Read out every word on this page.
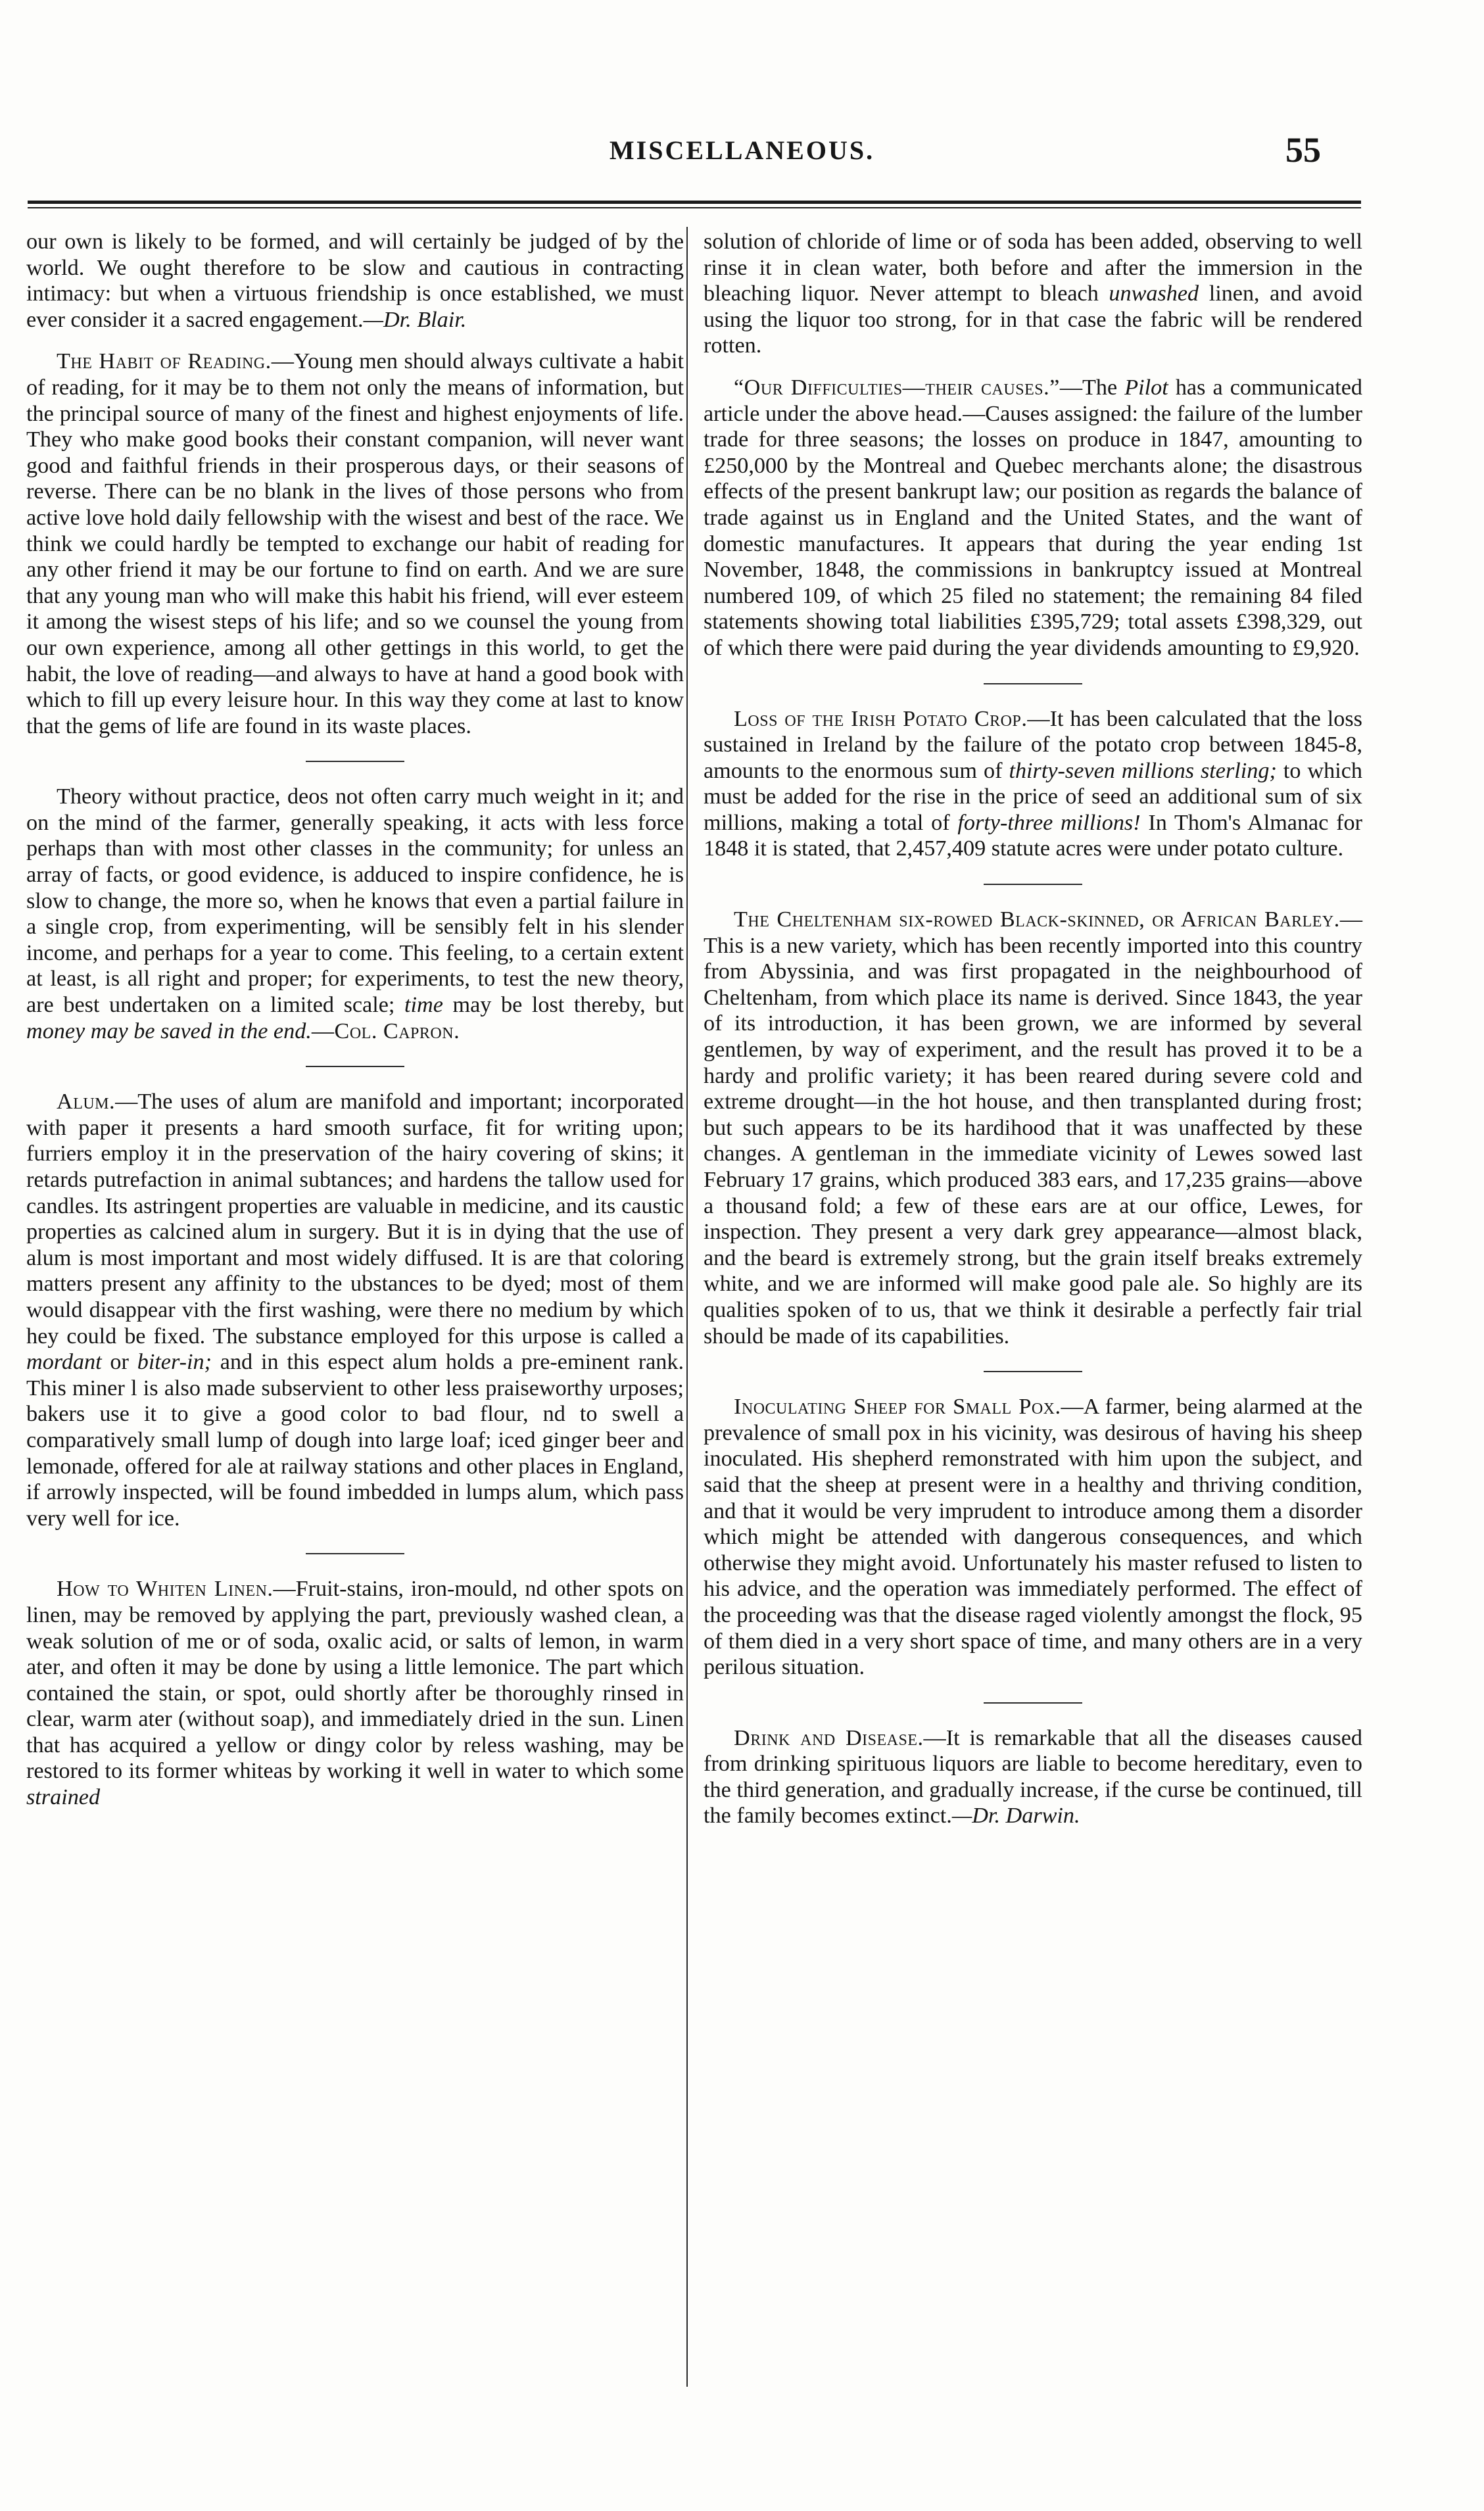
MISCELLANEOUS.	55

our own is likely to be formed, and will certainly be judged of by the world. We ought therefore to be slow and cautious in contracting intimacy: but when a virtuous friendship is once established, we must ever consider it a sacred engagement.—Dr. Blair.

The Habit of Reading.—Young men should always cultivate a habit of reading, for it may be to them not only the means of information, but the principal source of many of the finest and highest enjoyments of life. They who make good books their constant companion, will never want good and faithful friends in their prosperous days, or their seasons of reverse. There can be no blank in the lives of those persons who from active love hold daily fellowship with the wisest and best of the race. We think we could hardly be tempted to exchange our habit of reading for any other friend it may be our fortune to find on earth. And we are sure that any young man who will make this habit his friend, will ever esteem it among the wisest steps of his life; and so we counsel the young from our own experience, among all other gettings in this world, to get the habit, the love of reading—and always to have at hand a good book with which to fill up every leisure hour. In this way they come at last to know that the gems of life are found in its waste places.

Theory without practice, deos not often carry much weight in it; and on the mind of the farmer, generally speaking, it acts with less force perhaps than with most other classes in the community; for unless an array of facts, or good evidence, is adduced to inspire confidence, he is slow to change, the more so, when he knows that even a partial failure in a single crop, from experimenting, will be sensibly felt in his slender income, and perhaps for a year to come. This feeling, to a certain extent at least, is all right and proper; for experiments, to test the new theory, are best undertaken on a limited scale; time may be lost thereby, but money may be saved in the end.—Col. Capron.

Alum.—The uses of alum are manifold and important; incorporated with paper it presents a hard smooth surface, fit for writing upon; furriers employ it in the preservation of the hairy covering of skins; it retards putrefaction in animal subtances; and hardens the tallow used for candles. Its astringent properties are valuable in medicine, and its caustic properties as calcined alum in surgery. But it is in dying that the use of alum is most important and most widely diffused. It is are that coloring matters present any affinity to the ubstances to be dyed; most of them would disappear vith the first washing, were there no medium by which hey could be fixed. The substance employed for this urpose is called a mordant or biter-in; and in this espect alum holds a pre-eminent rank. This miner l is also made subservient to other less praiseworthy urposes; bakers use it to give a good color to bad flour, nd to swell a comparatively small lump of dough into large loaf; iced ginger beer and lemonade, offered for ale at railway stations and other places in England, if arrowly inspected, will be found imbedded in lumps alum, which pass very well for ice.

How to Whiten Linen.—Fruit-stains, iron-mould, nd other spots on linen, may be removed by applying the part, previously washed clean, a weak solution of me or of soda, oxalic acid, or salts of lemon, in warm ater, and often it may be done by using a little lemonice. The part which contained the stain, or spot, ould shortly after be thoroughly rinsed in clear, warm ater (without soap), and immediately dried in the sun. Linen that has acquired a yellow or dingy color by reless washing, may be restored to its former whiteas by working it well in water to which some strained

solution of chloride of lime or of soda has been added, observing to well rinse it in clean water, both before and after the immersion in the bleaching liquor. Never attempt to bleach unwashed linen, and avoid using the liquor too strong, for in that case the fabric will be rendered rotten.

“Our Difficulties—their causes.”—The Pilot has a communicated article under the above head.—Causes assigned: the failure of the lumber trade for three seasons; the losses on produce in 1847, amounting to £250,000 by the Montreal and Quebec merchants alone; the disastrous effects of the present bankrupt law; our position as regards the balance of trade against us in England and the United States, and the want of domestic manufactures. It appears that during the year ending 1st November, 1848, the commissions in bankruptcy issued at Montreal numbered 109, of which 25 filed no statement; the remaining 84 filed statements showing total liabilities £395,729; total assets £398,329, out of which there were paid during the year dividends amounting to £9,920.

Loss of the Irish Potato Crop.—It has been calculated that the loss sustained in Ireland by the failure of the potato crop between 1845-8, amounts to the enormous sum of thirty-seven millions sterling; to which must be added for the rise in the price of seed an additional sum of six millions, making a total of forty-three millions! In Thom's Almanac for 1848 it is stated, that 2,457,409 statute acres were under potato culture.

The Cheltenham six-rowed Black-skinned, or African Barley.—This is a new variety, which has been recently imported into this country from Abyssinia, and was first propagated in the neighbourhood of Cheltenham, from which place its name is derived. Since 1843, the year of its introduction, it has been grown, we are informed by several gentlemen, by way of experiment, and the result has proved it to be a hardy and prolific variety; it has been reared during severe cold and extreme drought—in the hot house, and then transplanted during frost; but such appears to be its hardihood that it was unaffected by these changes. A gentleman in the immediate vicinity of Lewes sowed last February 17 grains, which produced 383 ears, and 17,235 grains—above a thousand fold; a few of these ears are at our office, Lewes, for inspection. They present a very dark grey appearance—almost black, and the beard is extremely strong, but the grain itself breaks extremely white, and we are informed will make good pale ale. So highly are its qualities spoken of to us, that we think it desirable a perfectly fair trial should be made of its capabilities.

Inoculating Sheep for Small Pox.—A farmer, being alarmed at the prevalence of small pox in his vicinity, was desirous of having his sheep inoculated. His shepherd remonstrated with him upon the subject, and said that the sheep at present were in a healthy and thriving condition, and that it would be very imprudent to introduce among them a disorder which might be attended with dangerous consequences, and which otherwise they might avoid. Unfortunately his master refused to listen to his advice, and the operation was immediately performed. The effect of the proceeding was that the disease raged violently amongst the flock, 95 of them died in a very short space of time, and many others are in a very perilous situation.

Drink and Disease.—It is remarkable that all the diseases caused from drinking spirituous liquors are liable to become hereditary, even to the third generation, and gradually increase, if the curse be continued, till the family becomes extinct.—Dr. Darwin.
